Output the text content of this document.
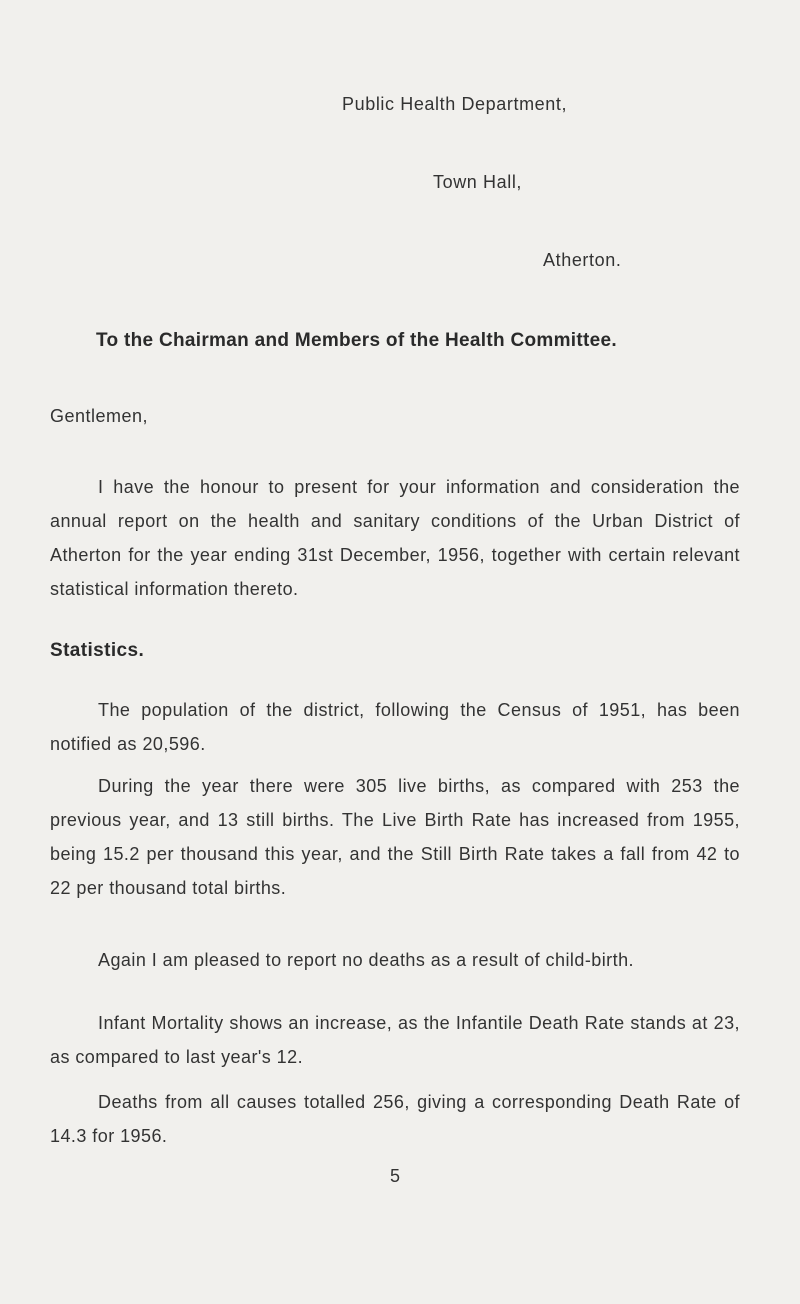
Public Health Department,
Town Hall,
Atherton.
To the Chairman and Members of the Health Committee.
Gentlemen,

I have the honour to present for your information and consideration the annual report on the health and sanitary conditions of the Urban District of Atherton for the year ending 31st December, 1956, together with certain relevant statistical information thereto.

Statistics.

The population of the district, following the Census of 1951, has been notified as 20,596.

During the year there were 305 live births, as compared with 253 the previous year, and 13 still births. The Live Birth Rate has increased from 1955, being 15.2 per thousand this year, and the Still Birth Rate takes a fall from 42 to 22 per thousand total births.

Again I am pleased to report no deaths as a result of child-birth.

Infant Mortality shows an increase, as the Infantile Death Rate stands at 23, as compared to last year's 12.

Deaths from all causes totalled 256, giving a corresponding Death Rate of 14.3 for 1956.

5
